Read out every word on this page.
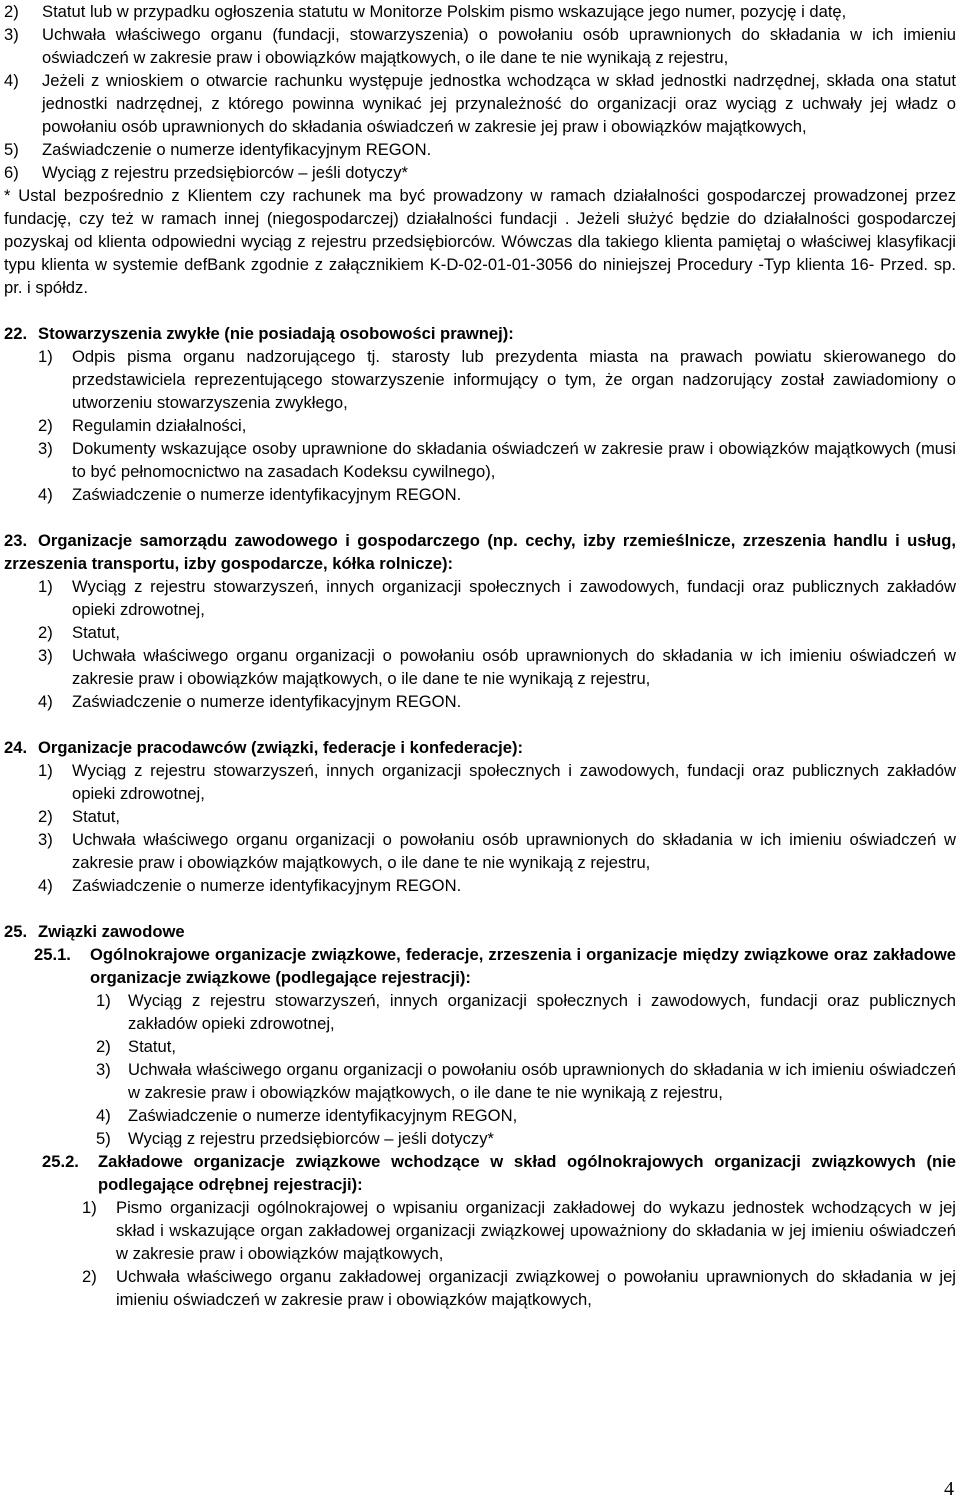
2)	Statut lub w przypadku ogłoszenia statutu w Monitorze Polskim pismo wskazujące jego numer, pozycję i datę,
3)	Uchwała właściwego organu (fundacji, stowarzyszenia) o powołaniu osób uprawnionych do składania w ich imieniu oświadczeń w zakresie praw i obowiązków majątkowych, o ile dane te nie wynikają z rejestru,
4)	Jeżeli z wnioskiem o otwarcie rachunku występuje jednostka wchodząca w skład jednostki nadrzędnej, składa ona statut jednostki nadrzędnej, z którego powinna wynikać jej przynależność do organizacji oraz wyciąg z uchwały jej władz o powołaniu osób uprawnionych do składania oświadczeń w zakresie jej praw i obowiązków majątkowych,
5)	Zaświadczenie o numerze identyfikacyjnym REGON.
6)	Wyciąg z rejestru przedsiębiorców – jeśli dotyczy*
* Ustal bezpośrednio z Klientem czy rachunek ma być prowadzony w ramach działalności gospodarczej prowadzonej przez fundację, czy też w ramach innej (niegospodarczej) działalności fundacji . Jeżeli służyć będzie do działalności gospodarczej pozyskaj od klienta odpowiedni wyciąg z rejestru przedsiębiorców. Wówczas dla takiego klienta pamiętaj o właściwej klasyfikacji typu klienta w systemie defBank zgodnie z załącznikiem K-D-02-01-01-3056 do niniejszej Procedury -Typ klienta 16- Przed. sp. pr. i spółdz.
22. Stowarzyszenia zwykłe (nie posiadają osobowości prawnej):
1)	Odpis pisma organu nadzorującego tj. starosty lub prezydenta miasta na prawach powiatu skierowanego do przedstawiciela reprezentującego stowarzyszenie informujący o tym, że organ nadzorujący został zawiadomiony o utworzeniu stowarzyszenia zwykłego,
2)	Regulamin działalności,
3)	Dokumenty wskazujące osoby uprawnione do składania oświadczeń w zakresie praw i obowiązków majątkowych (musi to być pełnomocnictwo na zasadach Kodeksu cywilnego),
4)	Zaświadczenie o numerze identyfikacyjnym REGON.
23. Organizacje samorządu zawodowego i gospodarczego (np. cechy, izby rzemieślnicze, zrzeszenia handlu i usług, zrzeszenia transportu, izby gospodarcze, kółka rolnicze):
1)	Wyciąg z rejestru stowarzyszeń, innych organizacji społecznych i zawodowych, fundacji oraz publicznych zakładów opieki zdrowotnej,
2)	Statut,
3)	Uchwała właściwego organu organizacji o powołaniu osób uprawnionych do składania w ich imieniu oświadczeń w zakresie praw i obowiązków majątkowych, o ile dane te nie wynikają z rejestru,
4)	Zaświadczenie o numerze identyfikacyjnym REGON.
24. Organizacje pracodawców (związki, federacje i konfederacje):
1)	Wyciąg z rejestru stowarzyszeń, innych organizacji społecznych i zawodowych, fundacji oraz publicznych zakładów opieki zdrowotnej,
2)	Statut,
3)	Uchwała właściwego organu organizacji o powołaniu osób uprawnionych do składania w ich imieniu oświadczeń w zakresie praw i obowiązków majątkowych, o ile dane te nie wynikają z rejestru,
4)	Zaświadczenie o numerze identyfikacyjnym REGON.
25. Związki zawodowe
25.1.	Ogólnokrajowe organizacje związkowe, federacje, zrzeszenia i organizacje między związkowe oraz zakładowe organizacje związkowe (podlegające rejestracji):
1)	Wyciąg z rejestru stowarzyszeń, innych organizacji społecznych i zawodowych, fundacji oraz publicznych zakładów opieki zdrowotnej,
2)	Statut,
3)	Uchwała właściwego organu organizacji o powołaniu osób uprawnionych do składania w ich imieniu oświadczeń w zakresie praw i obowiązków majątkowych, o ile dane te nie wynikają z rejestru,
4)	Zaświadczenie o numerze identyfikacyjnym REGON,
5)	Wyciąg z rejestru przedsiębiorców – jeśli dotyczy*
25.2.	Zakładowe organizacje związkowe wchodzące w skład ogólnokrajowych organizacji związkowych (nie podlegające odrębnej rejestracji):
1)	Pismo organizacji ogólnokrajowej o wpisaniu organizacji zakładowej do wykazu jednostek wchodzących w jej skład i wskazujące organ zakładowej organizacji związkowej upoważniony do składania w jej imieniu oświadczeń w zakresie praw i obowiązków majątkowych,
2)	Uchwała właściwego organu zakładowej organizacji związkowej o powołaniu uprawnionych do składania w jej imieniu oświadczeń w zakresie praw i obowiązków majątkowych,
4
